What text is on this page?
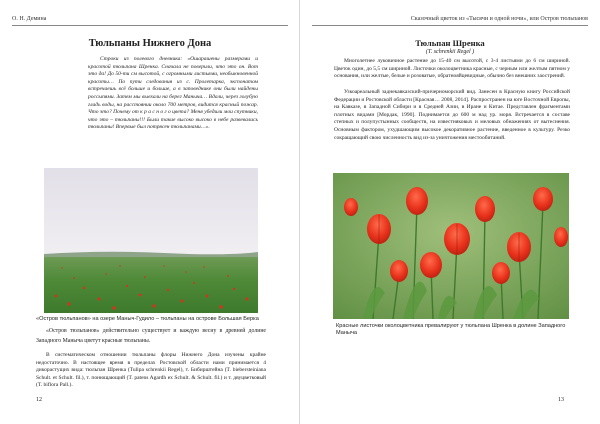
О. Н. Демина
Тюльпаны Нижнего Дона

Строки из полевого дневника: «Ошарашены размерами и красотой тюльпана Шренка. Сначала не поверили, что это он. Вот это да! До 50-ти см высотой, с огромными листьями, необыкновенной красоты… По пути следования из с. Пролетарка, экспонатом встречаешь всё больше и больше, а в заповеднике они были найдены россыпями. Затем мы выехали на берег Маныча… Вдали, через голубую гладь воды, на расстоянии около 700 метров, видится красный пожар. Что это? Почему от к р а с н о г о цвета? Меня убедили мои спутники, что это – тюльпаны!!! Были такие высоко высоко в небе развевались тюльпаны! Впервые был потрясен тюльпанами…».

«Остров тюльпанов» на озере Маныч-Гудило – тюльпаны на острове Большая Берка

«Остров тюльпанов» действительно существует и каждую весну в древней долине Западного Маныча цветут красные тюльпаны.

В систематическом отношении тюльпаны флоры Нижнего Дона изучены крайне недостаточно. В настоящее время в пределах Ростовской области нами принимается 4 дикорастущих вида: тюльпан Шренка (Tulipa schrenkii Regel), т. Бибирштейна (T. biebersteiniana Schult. et Schult. fil.), т. понющающий (T. patens Agardh ex Schult. & Schult. fil.) и т. двуцветковый (T. biflora Pall.).

12
Сказочный цветок из «Тысячи и одной ночи», или Остров тюльпанов
Тюльпан Шренка
(T. schrenkii Regel )

Многолетнее луковичное растение до 15-40 см высотой, с 3-4 листьями до 6 см шириной. Цветок один, до 5,5 см шириной. Листочки околоцветника красные, с черным или желтым пятном у основания, или желтые, белые и розоватые, обратнояйцевидные, обычно без внешних заострений.

Узкоареальный заднекавказский-причерноморский вид. Занесен в Красную книгу Российской Федерации и Ростовской области [Красная… 2008, 2014]. Распространен на юге Восточной Европы, на Кавказе, в Западной Сибири и в Средней Азии, в Иране и Китае. Представлен фрагментами плотных видами [Мордак, 1990]. Поднимается до 600 м над ур. моря. Встречается в составе степных и полупустынных сообществ, на известняковых и меловых обнажениях от вытеснения. Основным фактором, ухудшающим высокое декоративное растение, введенное в культуру. Резко сокращающий свою численность вид из-за уничтожения местообитаний.

Красные листочки околоцветника превалируют у тюльпана Шренка в долине Западного Маныча
13
